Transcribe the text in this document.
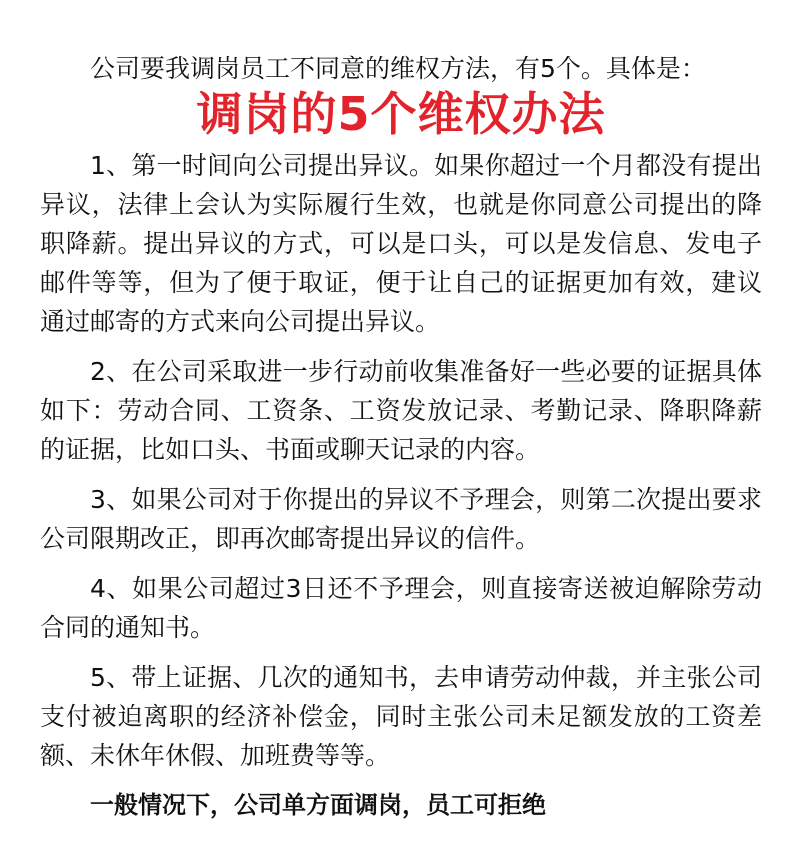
公司要我调岗员工不同意的维权方法，有5个。具体是：

调岗的5个维权办法

1、第一时间向公司提出异议。如果你超过一个月都没有提出异议，法律上会认为实际履行生效，也就是你同意公司提出的降职降薪。提出异议的方式，可以是口头，可以是发信息、发电子邮件等等，但为了便于取证，便于让自己的证据更加有效，建议通过邮寄的方式来向公司提出异议。

2、在公司采取进一步行动前收集准备好一些必要的证据具体如下：劳动合同、工资条、工资发放记录、考勤记录、降职降薪的证据，比如口头、书面或聊天记录的内容。

3、如果公司对于你提出的异议不予理会，则第二次提出要求公司限期改正，即再次邮寄提出异议的信件。

4、如果公司超过3日还不予理会，则直接寄送被迫解除劳动合同的通知书。

5、带上证据、几次的通知书，去申请劳动仲裁，并主张公司支付被迫离职的经济补偿金，同时主张公司未足额发放的工资差额、未休年休假、加班费等等。

一般情况下，公司单方面调岗，员工可拒绝
